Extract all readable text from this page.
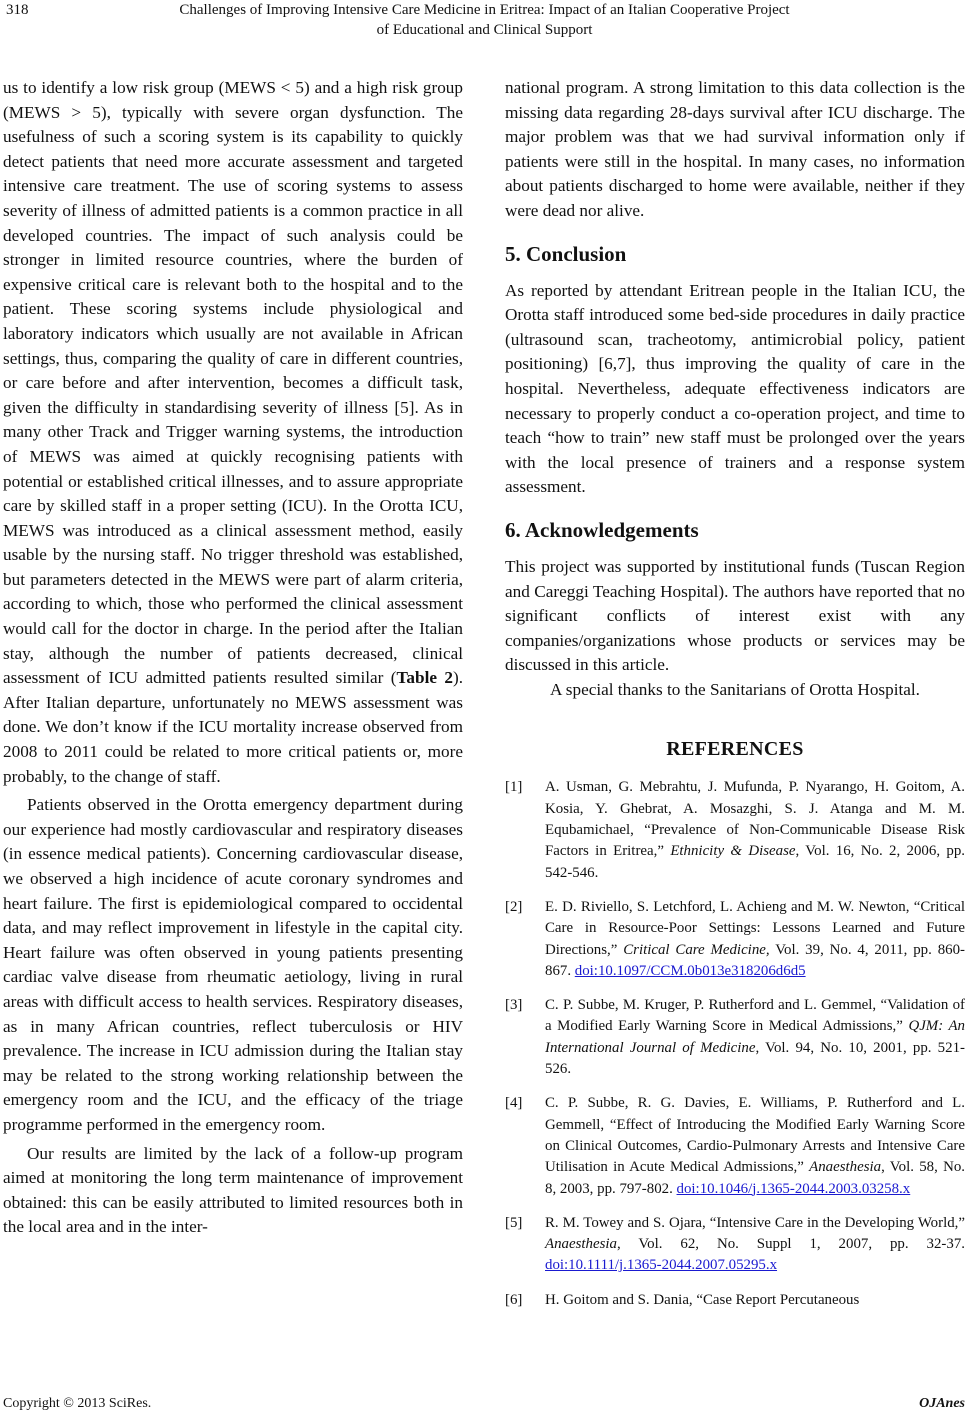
318	Challenges of Improving Intensive Care Medicine in Eritrea: Impact of an Italian Cooperative Project
of Educational and Clinical Support

us to identify a low risk group (MEWS < 5) and a high risk group (MEWS > 5), typically with severe organ dysfunction. The usefulness of such a scoring system is its capability to quickly detect patients that need more accurate assessment and targeted intensive care treatment. The use of scoring systems to assess severity of illness of admitted patients is a common practice in all developed countries. The impact of such analysis could be stronger in limited resource countries, where the burden of expensive critical care is relevant both to the hospital and to the patient. These scoring systems include physiological and laboratory indicators which usually are not available in African settings, thus, comparing the quality of care in different countries, or care before and after intervention, becomes a difficult task, given the difficulty in standardising severity of illness [5]. As in many other Track and Trigger warning systems, the introduction of MEWS was aimed at quickly recognising patients with potential or established critical illnesses, and to assure appropriate care by skilled staff in a proper setting (ICU). In the Orotta ICU, MEWS was introduced as a clinical assessment method, easily usable by the nursing staff. No trigger threshold was established, but parameters detected in the MEWS were part of alarm criteria, according to which, those who performed the clinical assessment would call for the doctor in charge. In the period after the Italian stay, although the number of patients decreased, clinical assessment of ICU admitted patients resulted similar (Table 2). After Italian departure, unfortunately no MEWS assessment was done. We don’t know if the ICU mortality increase observed from 2008 to 2011 could be related to more critical patients or, more probably, to the change of staff.

Patients observed in the Orotta emergency department during our experience had mostly cardiovascular and respiratory diseases (in essence medical patients). Concerning cardiovascular disease, we observed a high incidence of acute coronary syndromes and heart failure. The first is epidemiological compared to occidental data, and may reflect improvement in lifestyle in the capital city. Heart failure was often observed in young patients presenting cardiac valve disease from rheumatic aetiology, living in rural areas with difficult access to health services. Respiratory diseases, as in many African countries, reflect tuberculosis or HIV prevalence. The increase in ICU admission during the Italian stay may be related to the strong working relationship between the emergency room and the ICU, and the efficacy of the triage programme performed in the emergency room.

Our results are limited by the lack of a follow-up program aimed at monitoring the long term maintenance of improvement obtained: this can be easily attributed to limited resources both in the local area and in the inter-

national program. A strong limitation to this data collection is the missing data regarding 28-days survival after ICU discharge. The major problem was that we had survival information only if patients were still in the hospital. In many cases, no information about patients discharged to home were available, neither if they were dead nor alive.

5. Conclusion

As reported by attendant Eritrean people in the Italian ICU, the Orotta staff introduced some bed-side procedures in daily practice (ultrasound scan, tracheotomy, antimicrobial policy, patient positioning) [6,7], thus improving the quality of care in the hospital. Nevertheless, adequate effectiveness indicators are necessary to properly conduct a co-operation project, and time to teach “how to train” new staff must be prolonged over the years with the local presence of trainers and a response system assessment.

6. Acknowledgements

This project was supported by institutional funds (Tuscan Region and Careggi Teaching Hospital). The authors have reported that no significant conflicts of interest exist with any companies/organizations whose products or services may be discussed in this article.

A special thanks to the Sanitarians of Orotta Hospital.

REFERENCES
[1]	A. Usman, G. Mebrahtu, J. Mufunda, P. Nyarango, H. Goitom, A. Kosia, Y. Ghebrat, A. Mosazghi, S. J. Atanga and M. M. Equbamichael, “Prevalence of Non-Communicable Disease Risk Factors in Eritrea,” Ethnicity & Disease, Vol. 16, No. 2, 2006, pp. 542-546.
[2]	E. D. Riviello, S. Letchford, L. Achieng and M. W. Newton, “Critical Care in Resource-Poor Settings: Lessons Learned and Future Directions,” Critical Care Medicine, Vol. 39, No. 4, 2011, pp. 860-867. doi:10.1097/CCM.0b013e318206d6d5
[3]	C. P. Subbe, M. Kruger, P. Rutherford and L. Gemmel, “Validation of a Modified Early Warning Score in Medical Admissions,” QJM: An International Journal of Medicine, Vol. 94, No. 10, 2001, pp. 521-526.
[4]	C. P. Subbe, R. G. Davies, E. Williams, P. Rutherford and L. Gemmell, “Effect of Introducing the Modified Early Warning Score on Clinical Outcomes, Cardio-Pulmonary Arrests and Intensive Care Utilisation in Acute Medical Admissions,” Anaesthesia, Vol. 58, No. 8, 2003, pp. 797-802. doi:10.1046/j.1365-2044.2003.03258.x
[5]	R. M. Towey and S. Ojara, “Intensive Care in the Developing World,” Anaesthesia, Vol. 62, No. Suppl 1, 2007, pp. 32-37. doi:10.1111/j.1365-2044.2007.05295.x
[6]	H. Goitom and S. Dania, “Case Report Percutaneous
Copyright © 2013 SciRes.	OJAnes
